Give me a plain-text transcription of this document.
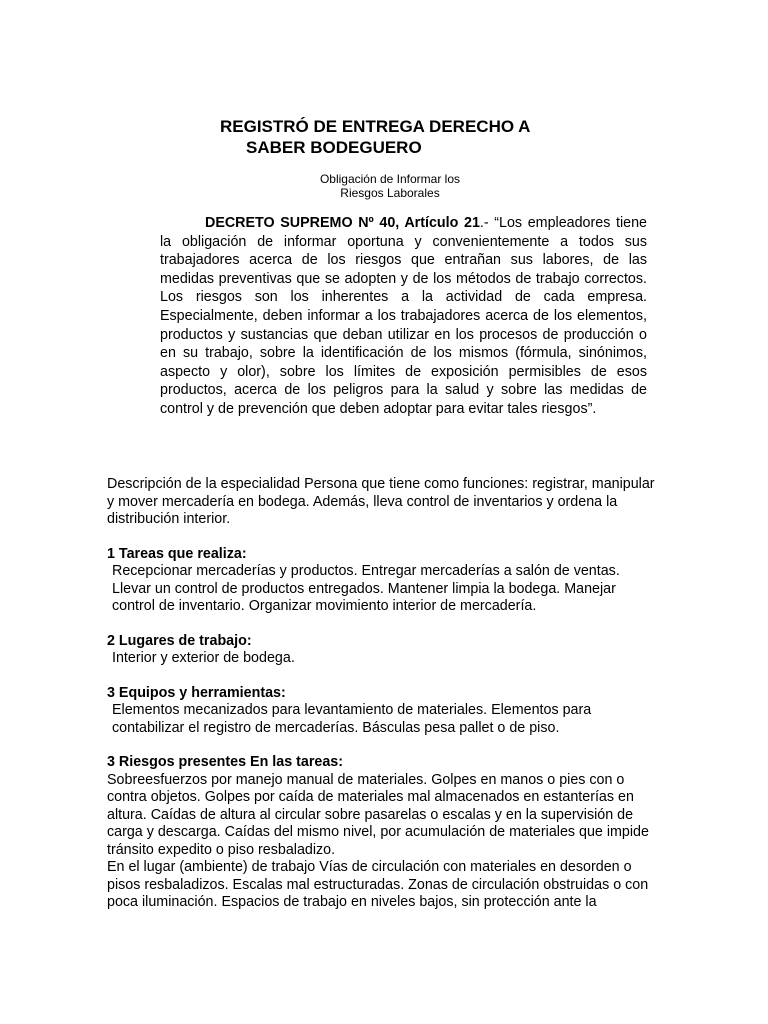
REGISTRÓ DE ENTREGA DERECHO A
SABER BODEGUERO
Obligación de Informar los
Riesgos Laborales

DECRETO SUPREMO Nº 40, Artículo 21.- “Los empleadores tiene la obligación de informar oportuna y convenientemente a todos sus trabajadores acerca de los riesgos que entrañan sus labores, de las medidas preventivas que se adopten y de los métodos de trabajo correctos. Los riesgos son los inherentes a la actividad de cada empresa. Especialmente, deben informar a los trabajadores acerca de los elementos, productos y sustancias que deban utilizar en los procesos de producción o en su trabajo, sobre la identificación de los mismos (fórmula, sinónimos, aspecto y olor), sobre los límites de exposición permisibles de esos productos, acerca de los peligros para la salud y sobre las medidas de control y de prevención que deben adoptar para evitar tales riesgos”.

Descripción de la especialidad Persona que tiene como funciones: registrar, manipular y mover mercadería en bodega. Además, lleva control de inventarios y ordena la distribución interior.

1 Tareas que realiza:

Recepcionar mercaderías y productos. Entregar mercaderías a salón de ventas. Llevar un control de productos entregados. Mantener limpia la bodega. Manejar control de inventario. Organizar movimiento interior de mercadería.

2 Lugares de trabajo:

Interior y exterior de bodega.

3 Equipos y herramientas:

Elementos mecanizados para levantamiento de materiales. Elementos para contabilizar el registro de mercaderías. Básculas pesa pallet o de piso.

3 Riesgos presentes En las tareas:

Sobreesfuerzos por manejo manual de materiales. Golpes en manos o pies con o contra objetos. Golpes por caída de materiales mal almacenados en estanterías en altura. Caídas de altura al circular sobre pasarelas o escalas y en la supervisión de carga y descarga. Caídas del mismo nivel, por acumulación de materiales que impide tránsito expedito o piso resbaladizo.

En el lugar (ambiente) de trabajo Vías de circulación con materiales en desorden o pisos resbaladizos. Escalas mal estructuradas. Zonas de circulación obstruidas o con poca iluminación. Espacios de trabajo en niveles bajos, sin protección ante la
